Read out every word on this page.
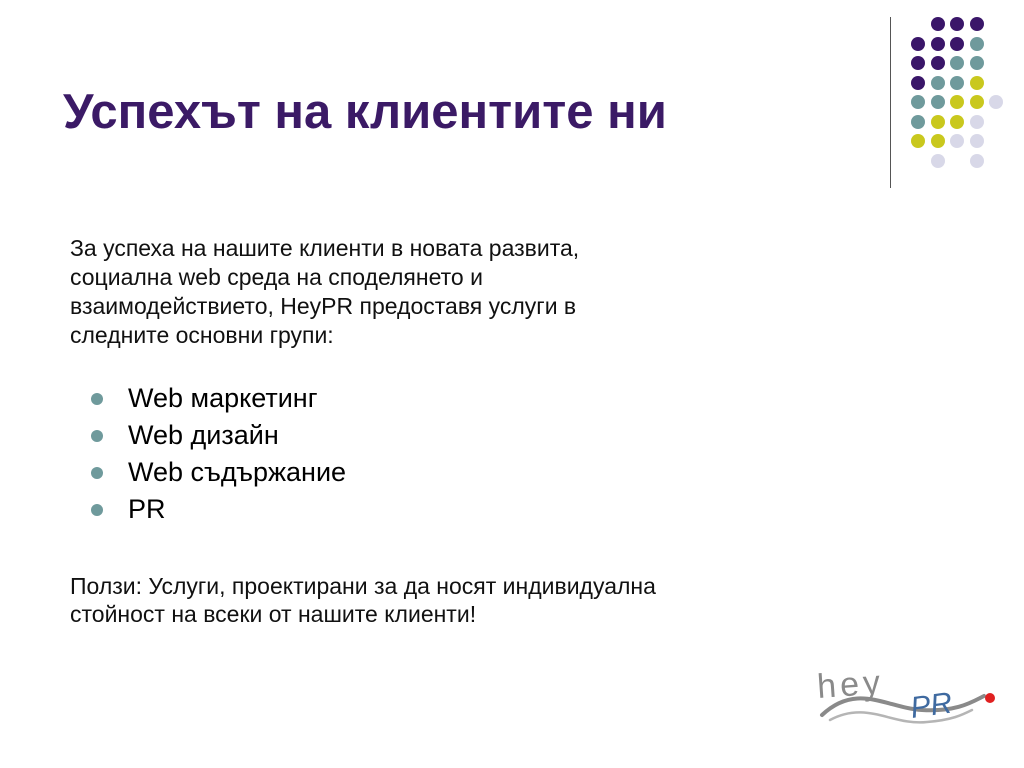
Успехът на клиентите ни
За успеха на нашите клиенти в новата развита,
социална web среда на споделянето и
взаимодействието, HeyPR предоставя услуги в
следните основни групи:
Web маркетинг
Web дизайн
Web съдържание
PR
Ползи: Услуги, проектирани за да носят индивидуална
стойност на всеки от нашите клиенти!
hey PR
